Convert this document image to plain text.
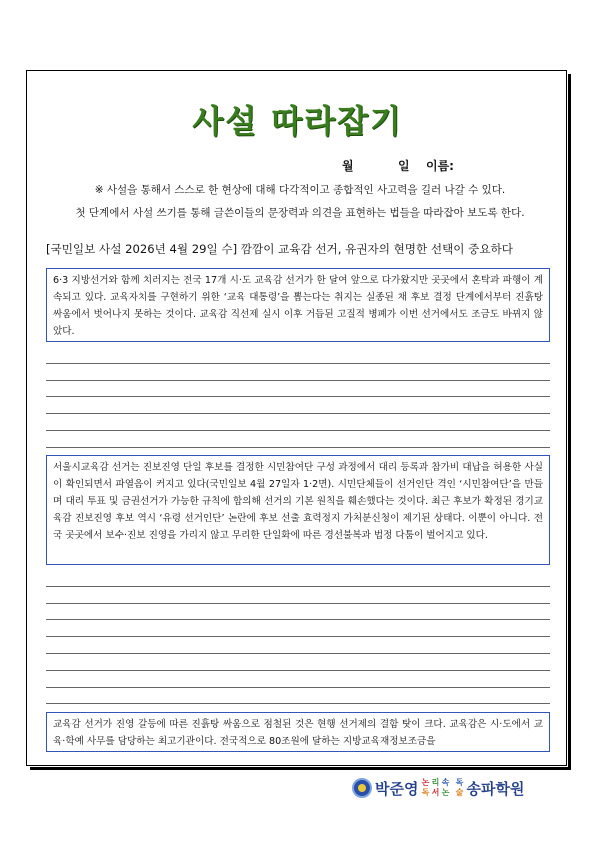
사설 따라잡기
월	일 이름:
※ 사설을 통해서 스스로 한 현상에 대해 다각적이고 종합적인 사고력을 길러 나갈 수 있다.
첫 단계에서 사설 쓰기를 통해 글쓴이들의 문장력과 의견을 표현하는 법들을 따라잡아 보도록 한다.
[국민일보 사설 2026년 4월 29일 수] 깜깜이 교육감 선거, 유권자의 현명한 선택이 중요하다
6·3 지방선거와 함께 치러지는 전국 17개 시·도 교육감 선거가 한 달여 앞으로 다가왔지만 곳곳에서 혼탁과 파행이 계속되고 있다. 교육자치를 구현하기 위한 ‘교육 대통령’을 뽑는다는 취지는 실종된 채 후보 결정 단계에서부터 진흙탕 싸움에서 벗어나지 못하는 것이다. 교육감 직선제 실시 이후 거듭된 고질적 병폐가 이번 선거에서도 조금도 바뀌지 않았다.
서울시교육감 선거는 진보진영 단일 후보를 결정한 시민참여단 구성 과정에서 대리 등록과 참가비 대납을 허용한 사실이 확인되면서 파열음이 커지고 있다(국민일보 4월 27일자 1·2면). 시민단체들이 선거인단 격인 ‘시민참여단’을 만들며 대리 투표 및 금권선거가 가능한 규칙에 합의해 선거의 기본 원칙을 훼손했다는 것이다. 최근 후보가 확정된 경기교육감 진보진영 후보 역시 ‘유령 선거인단’ 논란에 후보 선출 효력정지 가처분신청이 제기된 상태다. 이뿐이 아니다. 전국 곳곳에서 보수·진보 진영을 가리지 않고 무리한 단일화에 따른 경선불복과 법정 다툼이 벌어지고 있다.
교육감 선거가 진영 갈등에 따른 진흙탕 싸움으로 점철된 것은 현행 선거제의 결함 탓이 크다. 교육감은 시·도에서 교육·학예 사무를 담당하는 최고기관이다. 전국적으로 80조원에 달하는 지방교육재정보조금을
박준영 논 리 속
독 서 논
독
술 송파학원
